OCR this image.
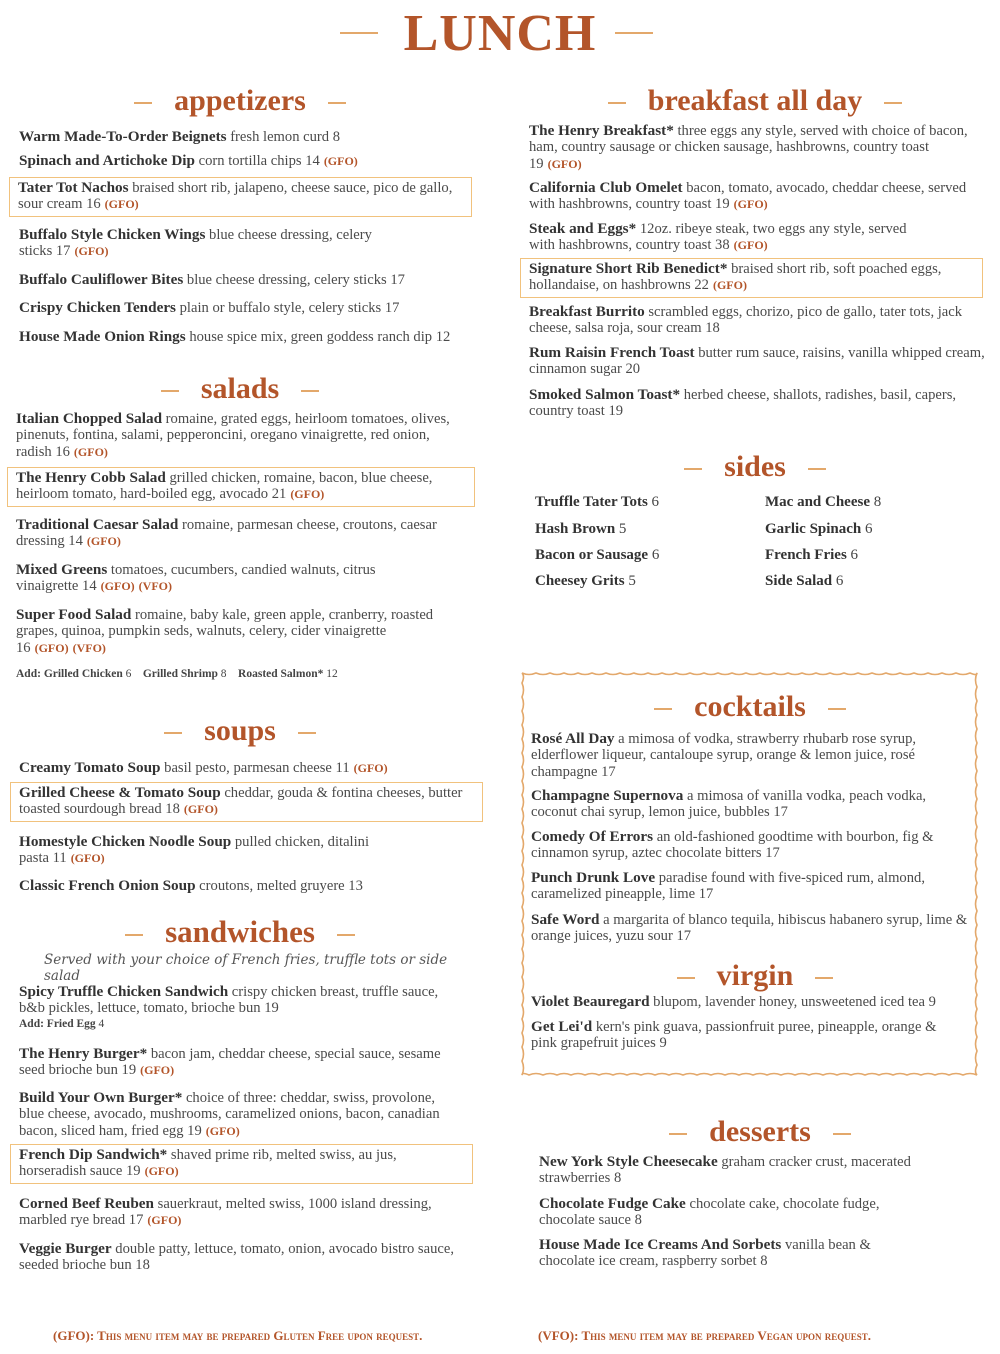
LUNCH
appetizers
Warm Made-To-Order Beignets fresh lemon curd 8
Spinach and Artichoke Dip corn tortilla chips 14 (GFO)
Tater Tot Nachos braised short rib, jalapeno, cheese sauce, pico de gallo, sour cream 16 (GFO)
Buffalo Style Chicken Wings blue cheese dressing, celery sticks 17 (GFO)
Buffalo Cauliflower Bites blue cheese dressing, celery sticks 17
Crispy Chicken Tenders plain or buffalo style, celery sticks 17
House Made Onion Rings house spice mix, green goddess ranch dip 12
salads
Italian Chopped Salad romaine, grated eggs, heirloom tomatoes, olives, pinenuts, fontina, salami, pepperoncini, oregano vinaigrette, red onion, radish 16 (GFO)
The Henry Cobb Salad grilled chicken, romaine, bacon, blue cheese, heirloom tomato, hard-boiled egg, avocado 21 (GFO)
Traditional Caesar Salad romaine, parmesan cheese, croutons, caesar dressing 14 (GFO)
Mixed Greens tomatoes, cucumbers, candied walnuts, citrus vinaigrette 14 (GFO) (VFO)
Super Food Salad romaine, baby kale, green apple, cranberry, roasted grapes, quinoa, pumpkin seds, walnuts, celery, cider vinaigrette 16 (GFO) (VFO)
Add: Grilled Chicken 6 Grilled Shrimp 8 Roasted Salmon* 12
soups
Creamy Tomato Soup basil pesto, parmesan cheese 11 (GFO)
Grilled Cheese & Tomato Soup cheddar, gouda & fontina cheeses, butter toasted sourdough bread 18 (GFO)
Homestyle Chicken Noodle Soup pulled chicken, ditalini pasta 11 (GFO)
Classic French Onion Soup croutons, melted gruyere 13
sandwiches
Served with your choice of French fries, truffle tots or side salad
Spicy Truffle Chicken Sandwich crispy chicken breast, truffle sauce, b&b pickles, lettuce, tomato, brioche bun 19
Add: Fried Egg 4
The Henry Burger* bacon jam, cheddar cheese, special sauce, sesame seed brioche bun 19 (GFO)
Build Your Own Burger* choice of three: cheddar, swiss, provolone, blue cheese, avocado, mushrooms, caramelized onions, bacon, canadian bacon, sliced ham, fried egg 19 (GFO)
French Dip Sandwich* shaved prime rib, melted swiss, au jus, horseradish sauce 19 (GFO)
Corned Beef Reuben sauerkraut, melted swiss, 1000 island dressing, marbled rye bread 17 (GFO)
Veggie Burger double patty, lettuce, tomato, onion, avocado bistro sauce, seeded brioche bun 18
breakfast all day
The Henry Breakfast* three eggs any style, served with choice of bacon, ham, country sausage or chicken sausage, hashbrowns, country toast 19 (GFO)
California Club Omelet bacon, tomato, avocado, cheddar cheese, served with hashbrowns, country toast 19 (GFO)
Steak and Eggs* 12oz. ribeye steak, two eggs any style, served with hashbrowns, country toast 38 (GFO)
Signature Short Rib Benedict* braised short rib, soft poached eggs, hollandaise, on hashbrowns 22 (GFO)
Breakfast Burrito scrambled eggs, chorizo, pico de gallo, tater tots, jack cheese, salsa roja, sour cream 18
Rum Raisin French Toast butter rum sauce, raisins, vanilla whipped cream, cinnamon sugar 20
Smoked Salmon Toast* herbed cheese, shallots, radishes, basil, capers, country toast 19
sides
Truffle Tater Tots 6	Mac and Cheese 8
Hash Brown 5	Garlic Spinach 6
Bacon or Sausage 6	French Fries 6
Cheesey Grits 5	Side Salad 6
cocktails
Rosé All Day a mimosa of vodka, strawberry rhubarb rose syrup, elderflower liqueur, cantaloupe syrup, orange & lemon juice, rosé champagne 17
Champagne Supernova a mimosa of vanilla vodka, peach vodka, coconut chai syrup, lemon juice, bubbles 17
Comedy Of Errors an old-fashioned goodtime with bourbon, fig & cinnamon syrup, aztec chocolate bitters 17
Punch Drunk Love paradise found with five-spiced rum, almond, caramelized pineapple, lime 17
Safe Word a margarita of blanco tequila, hibiscus habanero syrup, lime & orange juices, yuzu sour 17
virgin
Violet Beauregard blupom, lavender honey, unsweetened iced tea 9
Get Lei'd kern's pink guava, passionfruit puree, pineapple, orange & pink grapefruit juices 9
desserts
New York Style Cheesecake graham cracker crust, macerated strawberries 8
Chocolate Fudge Cake chocolate cake, chocolate fudge, chocolate sauce 8
House Made Ice Creams And Sorbets vanilla bean & chocolate ice cream, raspberry sorbet 8
(GFO): This menu item may be prepared Gluten Free upon request.	(VFO): This menu item may be prepared Vegan upon request.
